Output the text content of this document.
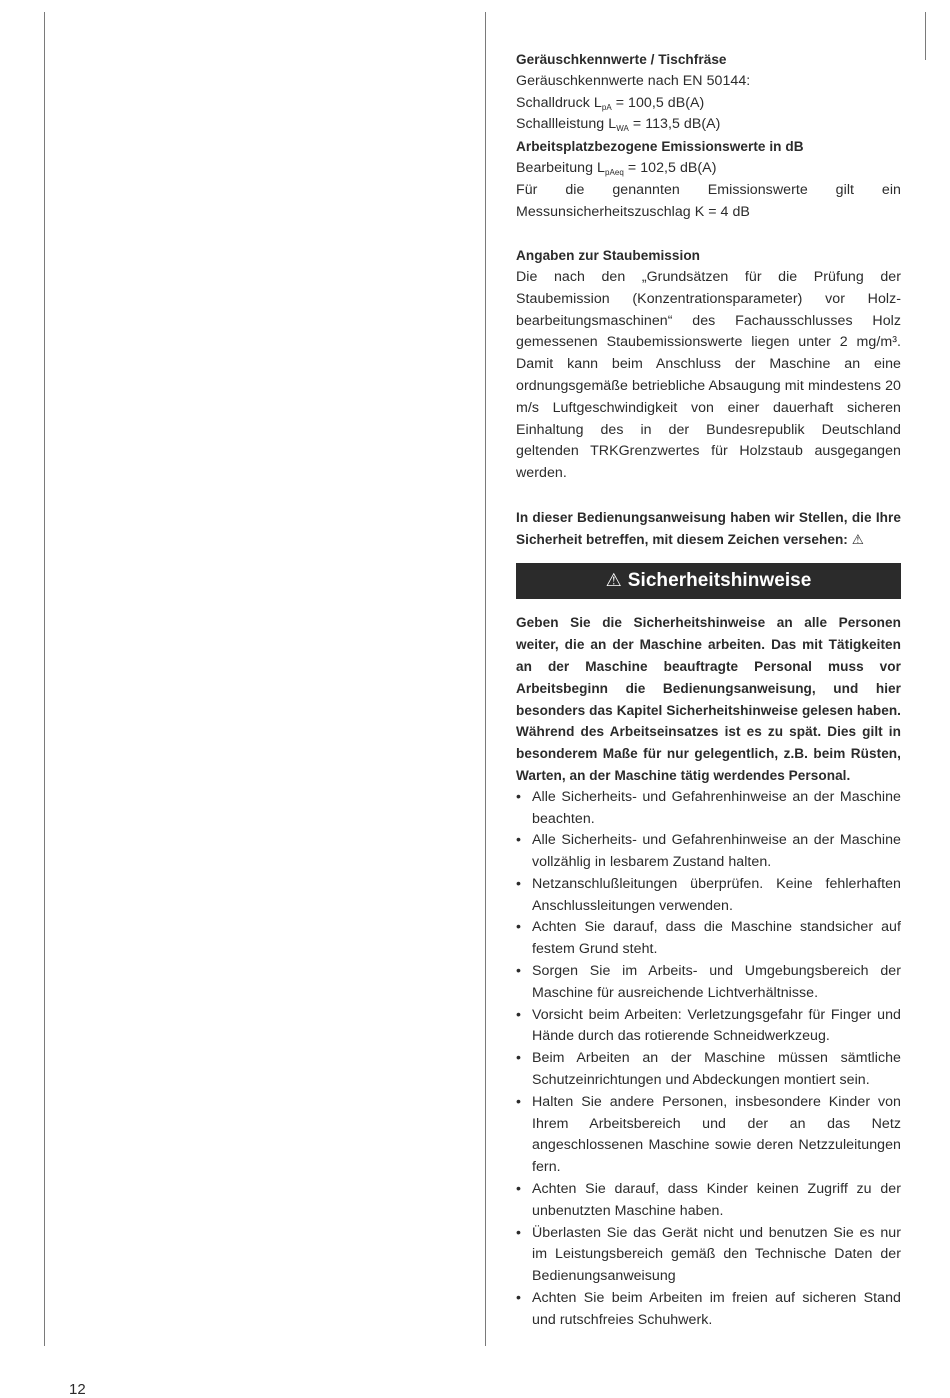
Geräuschkennwerte / Tischfräse

Geräuschkennwerte nach EN 50144:

Schalldruck $L_{pA} = 100,5$ dB(A)

Schallleistung $L_{WA} = 113,5$ dB(A)

Arbeitsplatzbezogene Emissionswerte in dB

Bearbeitung $L_{pAeq} = 102,5$ dB(A)

Für die genannten Emissionswerte gilt ein Messunsicherheitszuschlag K = 4 dB

Angaben zur Staubemission

Die nach den „Grundsätzen für die Prüfung der Staubemission (Konzentrationsparameter) vor Holzbearbeitungsmaschinen“ des Fachausschlusses Holz gemessenen Staubemissionswerte liegen unter 2 mg/m³. Damit kann beim Anschluss der Maschine an eine ordnungsgemäße betriebliche Absaugung mit mindestens 20 m/s Luftgeschwindigkeit von einer dauerhaft sicheren Einhaltung des in der Bundesrepublik Deutschland geltenden TRKGrenzwertes für Holzstaub ausgegangen werden.

In dieser Bedienungsanweisung haben wir Stellen, die Ihre Sicherheit betreffen, mit diesem Zeichen versehen: ⚠

⚠ Sicherheitshinweise

Geben Sie die Sicherheitshinweise an alle Personen weiter, die an der Maschine arbeiten. Das mit Tätigkeiten an der Maschine beauftragte Personal muss vor Arbeitsbeginn die Bedienungsanweisung, und hier besonders das Kapitel Sicherheitshinweise gelesen haben. Während des Arbeitseinsatzes ist es zu spät. Dies gilt in besonderem Maße für nur gelegentlich, z.B. beim Rüsten, Warten, an der Maschine tätig werdendes Personal.

• Alle Sicherheits- und Gefahrenhinweise an der Maschine beachten.
• Alle Sicherheits- und Gefahrenhinweise an der Maschine vollzählig in lesbarem Zustand halten.
• Netzanschlußleitungen überprüfen. Keine fehlerhaften Anschlussleitungen verwenden.
• Achten Sie darauf, dass die Maschine standsicher auf festem Grund steht.
• Sorgen Sie im Arbeits- und Umgebungsbereich der Maschine für ausreichende Lichtverhältnisse.
• Vorsicht beim Arbeiten: Verletzungsgefahr für Finger und Hände durch das rotierende Schneidwerkzeug.
• Beim Arbeiten an der Maschine müssen sämtliche Schutzeinrichtungen und Abdeckungen montiert sein.
• Halten Sie andere Personen, insbesondere Kinder von Ihrem Arbeitsbereich und der an das Netz angeschlossenen Maschine sowie deren Netzzuleitungen fern.
• Achten Sie darauf, dass Kinder keinen Zugriff zu der unbenutzten Maschine haben.
• Überlasten Sie das Gerät nicht und benutzen Sie es nur im Leistungsbereich gemäß den Technische Daten der Bedienungsanweisung
• Achten Sie beim Arbeiten im freien auf sicheren Stand und rutschfreies Schuhwerk.
12
